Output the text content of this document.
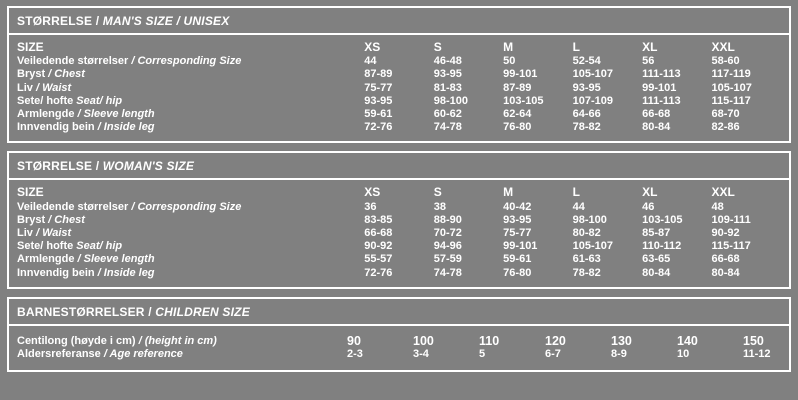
STØRRELSE / MAN'S SIZE / UNISEX
SIZE	XS	S	M	L	XL	XXL
Veiledende størrelser / Corresponding Size	44	46-48	50	52-54	56	58-60
Bryst / Chest	87-89	93-95	99-101	105-107	111-113	117-119
Liv / Waist	75-77	81-83	87-89	93-95	99-101	105-107
Sete/ hofte Seat/ hip	93-95	98-100	103-105	107-109	111-113	115-117
Armlengde / Sleeve length	59-61	60-62	62-64	64-66	66-68	68-70
Innvendig bein / Inside leg	72-76	74-78	76-80	78-82	80-84	82-86
STØRRELSE / WOMAN'S SIZE
SIZE	XS	S	M	L	XL	XXL
Veiledende størrelser / Corresponding Size	36	38	40-42	44	46	48
Bryst / Chest	83-85	88-90	93-95	98-100	103-105	109-111
Liv / Waist	66-68	70-72	75-77	80-82	85-87	90-92
Sete/ hofte Seat/ hip	90-92	94-96	99-101	105-107	110-112	115-117
Armlengde / Sleeve length	55-57	57-59	59-61	61-63	63-65	66-68
Innvendig bein / Inside leg	72-76	74-78	76-80	78-82	80-84	80-84
BARNESTØRRELSER / CHILDREN SIZE
Centilong (høyde i cm) / (height in cm)	90	100	110	120	130	140	150
Aldersreferanse / Age reference	2-3	3-4	5	6-7	8-9	10	11-12
